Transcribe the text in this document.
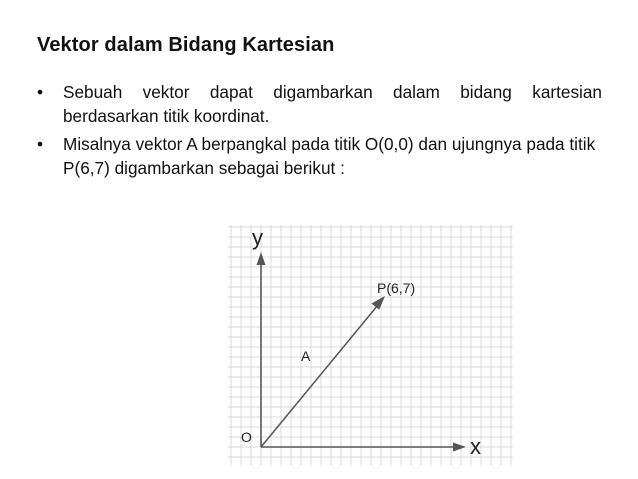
Vektor dalam Bidang Kartesian
•	Sebuah vektor dapat digambarkan dalam bidang kartesian berdasarkan titik koordinat.
•	Misalnya vektor A berpangkal pada titik O(0,0) dan ujungnya pada titik P(6,7) digambarkan sebagai berikut :
y
x
O
A
P(6,7)
